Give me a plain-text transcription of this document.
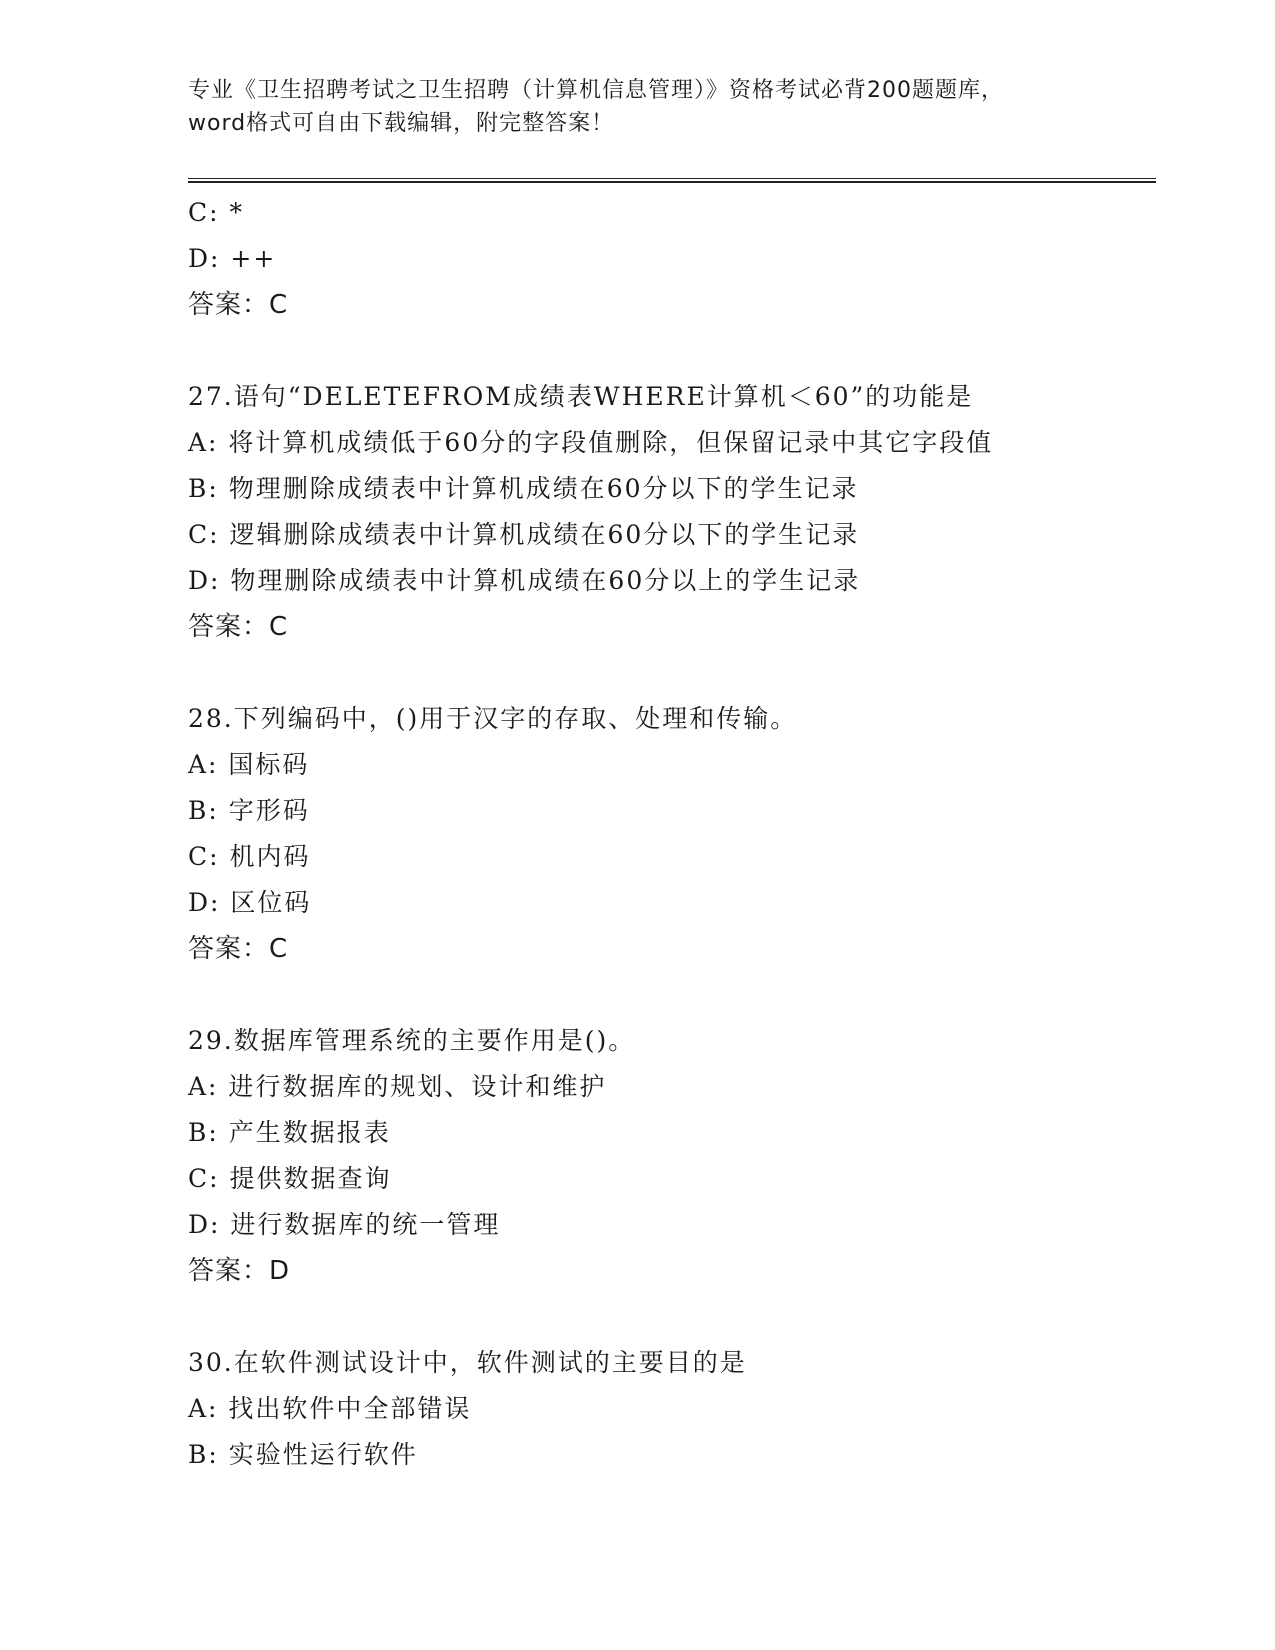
专业《卫生招聘考试之卫生招聘（计算机信息管理）》资格考试必背200题题库，
word格式可自由下载编辑，附完整答案！
C: *
D: ++
答案：C
27.语句“DELETEFROM成绩表WHERE计算机＜60”的功能是
A: 将计算机成绩低于60分的字段值删除，但保留记录中其它字段值
B: 物理删除成绩表中计算机成绩在60分以下的学生记录
C: 逻辑删除成绩表中计算机成绩在60分以下的学生记录
D: 物理删除成绩表中计算机成绩在60分以上的学生记录
答案：C
28.下列编码中，()用于汉字的存取、处理和传输。
A: 国标码
B: 字形码
C: 机内码
D: 区位码
答案：C
29.数据库管理系统的主要作用是()。
A: 进行数据库的规划、设计和维护
B: 产生数据报表
C: 提供数据查询
D: 进行数据库的统一管理
答案：D
30.在软件测试设计中，软件测试的主要目的是
A: 找出软件中全部错误
B: 实验性运行软件
